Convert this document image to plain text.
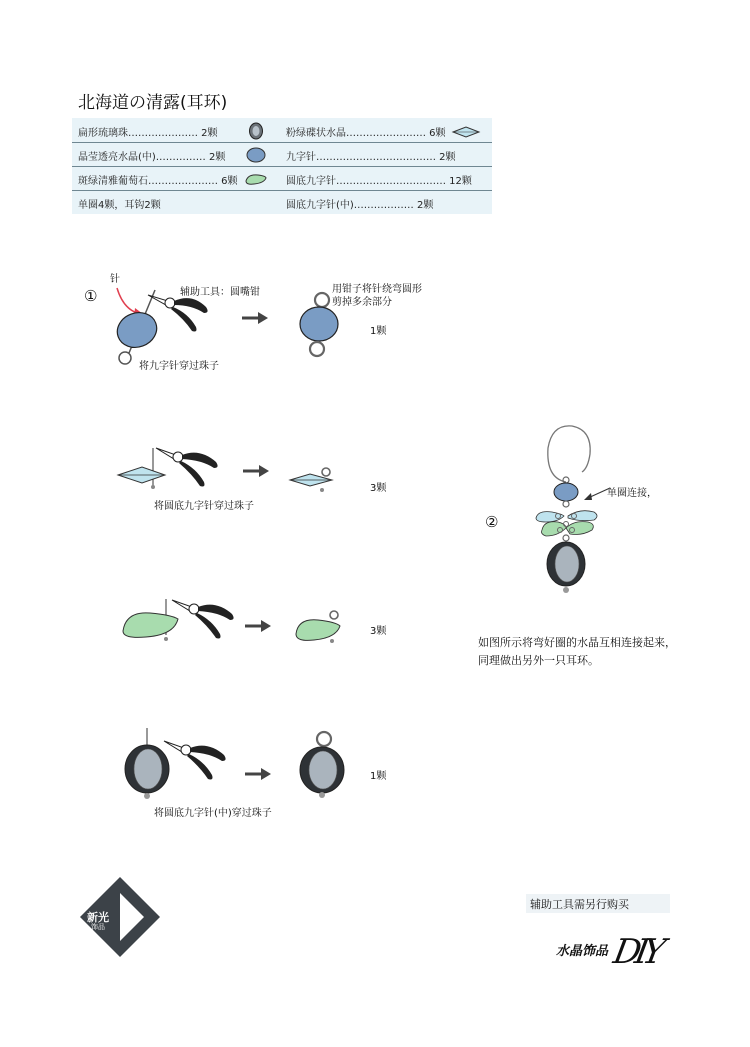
北海道の清露(耳环)
扁形琉璃珠………………… 2颗	粉绿碟状水晶…………………… 6颗
晶莹透亮水晶(中)…………… 2颗	九字针……………………………… 2颗
斑绿清雅葡萄石………………… 6颗	圆底九字针…………………………… 12颗
单圈4颗，耳钩2颗	圆底九字针(中)……………… 2颗
①
针
辅助工具：圆嘴钳
将九字针穿过珠子
用钳子将针绕弯圆形
剪掉多余部分
1颗
将圆底九字针穿过珠子
3颗
3颗
将圆底九字针(中)穿过珠子
1颗
②
单圈连接，
如图所示将弯好圈的水晶互相连接起来，
同理做出另外一只耳环。
新光
饰品
辅助工具需另行购买
水晶饰品 DIY
